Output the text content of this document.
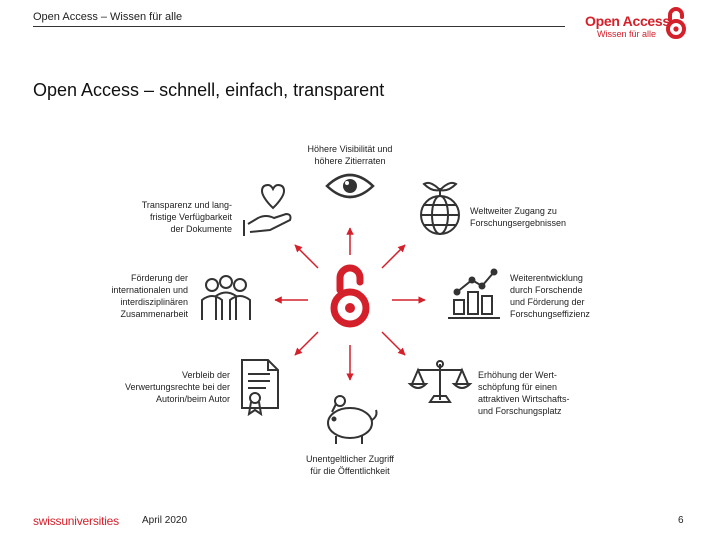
Open Access – Wissen für alle	Open Access
Wissen für alle
Open Access – schnell, einfach, transparent
Höhere Visibilität und
höhere Zitierraten
Weltweiter Zugang zu
Forschungsergebnissen
Weiterentwicklung
durch Forschende
und Förderung der
Forschungseffizienz
Erhöhung der Wert-
schöpfung für einen
attraktiven Wirtschafts-
und Forschungsplatz
Unentgeltlicher Zugriff
für die Öffentlichkeit
Verbleib der
Verwertungsrechte bei der
Autorin/beim Autor
Förderung der
internationalen und
interdisziplinären
Zusammenarbeit
Transparenz und lang-
fristige Verfügbarkeit
der Dokumente
swissuniversities April 2020	6
